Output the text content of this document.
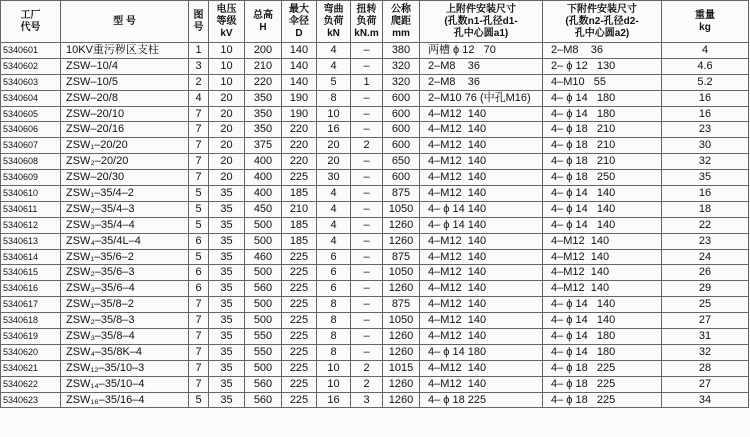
工厂
代号	型 号	图
号	电压
等级
kV	总高
H	最大
伞径
D	弯曲
负荷
kN	扭转
负荷
kN.m	公称
爬距
mm	上附件安装尺寸
(孔数n1-孔径d1-
孔中心圆a1)	下附件安装尺寸
(孔数n2-孔径d2-
孔中心圆a2)	重量
kg

5340601	10KV重污秽区支柱	1	10	200	140	4	–	380	两槽 ϕ 12   70	2–M8    36	4
5340602	ZSW–10/4	3	10	210	140	4	–	320	2–M8    36	2– ϕ 12   130	4.6
5340603	ZSW–10/5	2	10	220	140	5	1	320	2–M8    36	4–M10   55	5.2
5340604	ZSW–20/8	4	20	350	190	8	–	600	2–M10 76 (中孔M16)	4– ϕ 14   180	16
5340605	ZSW–20/10	7	20	350	190	10	–	600	4–M12  140	4– ϕ 14   180	16
5340606	ZSW–20/16	7	20	350	220	16	–	600	4–M12  140	4– ϕ 18   210	23
5340607	ZSW₁–20/20	7	20	375	220	20	2	600	4–M12  140	4– ϕ 18   210	30
5340608	ZSW₂–20/20	7	20	400	220	20	–	650	4–M12  140	4– ϕ 18   210	32
5340609	ZSW–20/30	7	20	400	225	30	–	600	4–M12  140	4– ϕ 18   250	35
5340610	ZSW₁–35/4–2	5	35	400	185	4	–	875	4–M12  140	4– ϕ 14   140	16
5340611	ZSW₂–35/4–3	5	35	450	210	4	–	1050	4– ϕ 14 140	4– ϕ 14   140	18
5340612	ZSW₃–35/4–4	5	35	500	185	4	–	1260	4– ϕ 14 140	4– ϕ 14   140	22
5340613	ZSW₄–35/4L–4	6	35	500	185	4	–	1260	4–M12  140	4–M12  140	23
5340614	ZSW₁–35/6–2	5	35	460	225	6	–	875	4–M12  140	4–M12  140	24
5340615	ZSW₂–35/6–3	6	35	500	225	6	–	1050	4–M12  140	4–M12  140	26
5340616	ZSW₃–35/6–4	6	35	560	225	6	–	1260	4–M12  140	4–M12  140	29
5340617	ZSW₁–35/8–2	7	35	500	225	8	–	875	4–M12  140	4– ϕ 14   140	25
5340618	ZSW₂–35/8–3	7	35	500	225	8	–	1050	4–M12  140	4– ϕ 14   140	27
5340619	ZSW₃–35/8–4	7	35	550	225	8	–	1260	4–M12  140	4– ϕ 14   180	31
5340620	ZSW₄–35/8K–4	7	35	550	225	8	–	1260	4– ϕ 14 180	4– ϕ 14   180	32
5340621	ZSW₁₂–35/10–3	7	35	500	225	10	2	1015	4–M12  140	4– ϕ 18   225	28
5340622	ZSW₁₄–35/10–4	7	35	560	225	10	2	1260	4–M12  140	4– ϕ 18   225	27
5340623	ZSW₁₆–35/16–4	5	35	560	225	16	3	1260	4– ϕ 18 225	4– ϕ 18   225	34
